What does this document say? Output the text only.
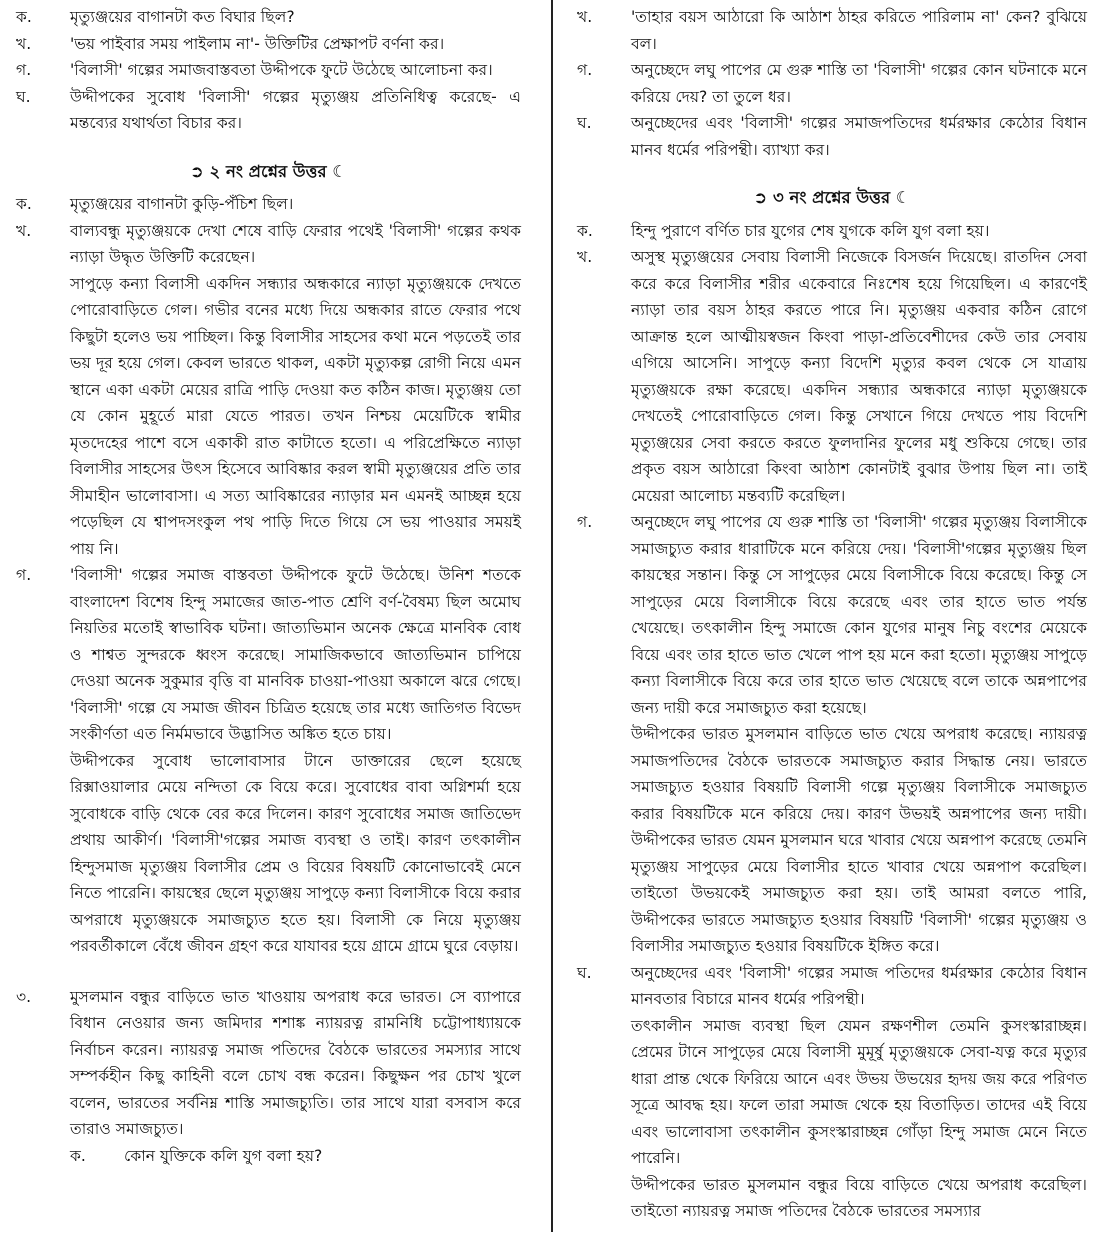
ক.	মৃত্যুঞ্জয়ের বাগানটা কত বিঘার ছিল?
খ.	'ভয় পাইবার সময় পাইলাম না'- উক্তিটির প্রেক্ষাপট বর্ণনা কর।
গ.	'বিলাসী' গল্পের সমাজবাস্তবতা উদ্দীপকে ফুটে উঠেছে আলোচনা কর।
ঘ.	উদ্দীপকের সুবোধ 'বিলাসী' গল্পের মৃত্যুঞ্জয় প্রতিনিধিত্ব করেছে- এ মন্তব্যের যথার্থতা বিচার কর।
➲ ২ নং প্রশ্নের উত্তর ☾
ক.	মৃত্যুঞ্জয়ের বাগানটা কুড়ি-পঁচিশ ছিল।
খ.	বাল্যবন্ধু মৃত্যুঞ্জয়কে দেখা শেষে বাড়ি ফেরার পথেই 'বিলাসী' গল্পের কথক ন্যাড়া উদ্ধৃত উক্তিটি করেছেন।
সাপুড়ে কন্যা বিলাসী একদিন সন্ধ্যার অন্ধকারে ন্যাড়া মৃত্যুঞ্জয়কে দেখতে পোরোবাড়িতে গেল। গভীর বনের মধ্যে দিয়ে অন্ধকার রাতে ফেরার পথে কিছুটা হলেও ভয় পাচ্ছিল। কিন্তু বিলাসীর সাহসের কথা মনে পড়তেই তার ভয় দূর হয়ে গেল। কেবল ভারতে থাকল, একটা মৃত্যুকল্প রোগী নিয়ে এমন স্থানে একা একটা মেয়ের রাত্রি পাড়ি দেওয়া কত কঠিন কাজ। মৃত্যুঞ্জয় তো যে কোন মুহূর্তে মারা যেতে পারত। তখন নিশ্চয় মেয়েটিকে স্বামীর মৃতদেহের পাশে বসে একাকী রাত কাটাতে হতো। এ পরিপ্রেক্ষিতে ন্যাড়া বিলাসীর সাহসের উৎস হিসেবে আবিষ্কার করল স্বামী মৃত্যুঞ্জয়ের প্রতি তার সীমাহীন ভালোবাসা। এ সত্য আবিষ্কারের ন্যাড়ার মন এমনই আচ্ছন্ন হয়ে পড়েছিল যে শ্বাপদসংকুল পথ পাড়ি দিতে গিয়ে সে ভয় পাওয়ার সময়ই পায় নি।
গ.	'বিলাসী' গল্পের সমাজ বাস্তবতা উদ্দীপকে ফুটে উঠেছে। উনিশ শতকে বাংলাদেশ বিশেষ হিন্দু সমাজের জাত-পাত শ্রেণি বর্ণ-বৈষম্য ছিল অমোঘ নিয়তির মতোই স্বাভাবিক ঘটনা। জাত্যভিমান অনেক ক্ষেত্রে মানবিক বোধ ও শাশ্বত সুন্দরকে ধ্বংস করেছে। সামাজিকভাবে জাত্যভিমান চাপিয়ে দেওয়া অনেক সুকুমার বৃত্তি বা মানবিক চাওয়া-পাওয়া অকালে ঝরে গেছে। 'বিলাসী' গল্পে যে সমাজ জীবন চিত্রিত হয়েছে তার মধ্যে জাতিগত বিভেদ সংকীর্ণতা এত নির্মমভাবে উদ্ভাসিত অঙ্কিত হতে চায়।
উদ্দীপকের সুবোধ ভালোবাসার টানে ডাক্তারের ছেলে হয়েছে রিক্সাওয়ালার মেয়ে নন্দিতা কে বিয়ে করে। সুবোধের বাবা অগ্নিশর্মা হয়ে সুবোধকে বাড়ি থেকে বের করে দিলেন। কারণ সুবোধের সমাজ জাতিভেদ প্রথায় আকীর্ণ। 'বিলাসী'গল্পের সমাজ ব্যবস্থা ও তাই। কারণ তৎকালীন হিন্দুসমাজ মৃত্যুঞ্জয় বিলাসীর প্রেম ও বিয়ের বিষয়টি কোনোভাবেই মেনে নিতে পারেনি। কায়স্থের ছেলে মৃত্যুঞ্জয় সাপুড়ে কন্যা বিলাসীকে বিয়ে করার অপরাধে মৃত্যুঞ্জয়কে সমাজচ্যুত হতে হয়। বিলাসী কে নিয়ে মৃত্যুঞ্জয় পরবর্তীকালে বেঁধে জীবন গ্রহণ করে যাযাবর হয়ে গ্রামে গ্রামে ঘুরে বেড়ায়।
৩.	মুসলমান বন্ধুর বাড়িতে ভাত খাওয়ায় অপরাধ করে ভারত। সে ব্যাপারে বিধান নেওয়ার জন্য জমিদার শশাঙ্ক ন্যায়রত্ন রামনিধি চট্টোপাধ্যায়কে নির্বাচন করেন। ন্যায়রত্ন সমাজ পতিদের বৈঠকে ভারতের সমস্যার সাথে সম্পর্কহীন কিছু কাহিনী বলে চোখ বন্ধ করেন। কিছুক্ষন পর চোখ খুলে বলেন, ভারতের সর্বনিম্ন শাস্তি সমাজচ্যুতি। তার সাথে যারা বসবাস করে তারাও সমাজচ্যুত।
ক.	কোন যুক্তিকে কলি যুগ বলা হয়?
খ.	'তাহার বয়স আঠারো কি আঠাশ ঠাহর করিতে পারিলাম না' কেন? বুঝিয়ে বল।
গ.	অনুচ্ছেদে লঘু পাপের মে গুরু শাস্তি তা 'বিলাসী' গল্পের কোন ঘটনাকে মনে করিয়ে দেয়? তা তুলে ধর।
ঘ.	অনুচ্ছেদের এবং 'বিলাসী' গল্পের সমাজপতিদের ধর্মরক্ষার কেঠোর বিধান মানব ধর্মের পরিপন্থী। ব্যাখ্যা কর।
➲ ৩ নং প্রশ্নের উত্তর ☾
ক.	হিন্দু পুরাণে বর্ণিত চার যুগের শেষ যুগকে কলি যুগ বলা হয়।
খ.	অসুস্থ মৃত্যুঞ্জয়ের সেবায় বিলাসী নিজেকে বিসর্জন দিয়েছে। রাতদিন সেবা করে করে বিলাসীর শরীর একেবারে নিঃশেষ হয়ে গিয়েছিল। এ কারণেই ন্যাড়া তার বয়স ঠাহর করতে পারে নি। মৃত্যুঞ্জয় একবার কঠিন রোগে আক্রান্ত হলে আত্মীয়স্বজন কিংবা পাড়া-প্রতিবেশীদের কেউ তার সেবায় এগিয়ে আসেনি। সাপুড়ে কন্যা বিদেশি মৃত্যুর কবল থেকে সে যাত্রায় মৃত্যুঞ্জয়কে রক্ষা করেছে। একদিন সন্ধ্যার অন্ধকারে ন্যাড়া মৃত্যুঞ্জয়কে দেখতেই পোরোবাড়িতে গেল। কিন্তু সেখানে গিয়ে দেখতে পায় বিদেশি মৃত্যুঞ্জয়ের সেবা করতে করতে ফুলদানির ফুলের মধু শুকিয়ে গেছে। তার প্রকৃত বয়স আঠারো কিংবা আঠাশ কোনটাই বুঝার উপায় ছিল না। তাই মেয়েরা আলোচ্য মন্তব্যটি করেছিল।
গ.	অনুচ্ছেদে লঘু পাপের যে গুরু শাস্তি তা 'বিলাসী' গল্পের মৃত্যুঞ্জয় বিলাসীকে সমাজচ্যুত করার ধারাটিকে মনে করিয়ে দেয়। 'বিলাসী'গল্পের মৃত্যুঞ্জয় ছিল কায়স্থের সন্তান। কিন্তু সে সাপুড়ের মেয়ে বিলাসীকে বিয়ে করেছে। কিন্তু সে সাপুড়ের মেয়ে বিলাসীকে বিয়ে করেছে এবং তার হাতে ভাত পর্যন্ত খেয়েছে। তৎকালীন হিন্দু সমাজে কোন যুগের মানুষ নিচু বংশের মেয়েকে বিয়ে এবং তার হাতে ভাত খেলে পাপ হয় মনে করা হতো। মৃত্যুঞ্জয় সাপুড়ে কন্যা বিলাসীকে বিয়ে করে তার হাতে ভাত খেয়েছে বলে তাকে অন্নপাপের জন্য দায়ী করে সমাজচ্যুত করা হয়েছে।
উদ্দীপকের ভারত মুসলমান বাড়িতে ভাত খেয়ে অপরাধ করেছে। ন্যায়রত্ন সমাজপতিদের বৈঠকে ভারতকে সমাজচ্যুত করার সিদ্ধান্ত নেয়। ভারতে সমাজচ্যুত হওয়ার বিষয়টি বিলাসী গল্পে মৃত্যুঞ্জয় বিলাসীকে সমাজচ্যুত করার বিষয়টিকে মনে করিয়ে দেয়। কারণ উভয়ই অন্নপাপের জন্য দায়ী। উদ্দীপকের ভারত যেমন মুসলমান ঘরে খাবার খেয়ে অন্নপাপ করেছে তেমনি মৃত্যুঞ্জয় সাপুড়ের মেয়ে বিলাসীর হাতে খাবার খেয়ে অন্নপাপ করেছিল। তাইতো উভয়কেই সমাজচ্যুত করা হয়। তাই আমরা বলতে পারি, উদ্দীপকের ভারতে সমাজচ্যুত হওয়ার বিষয়টি 'বিলাসী' গল্পের মৃত্যুঞ্জয় ও বিলাসীর সমাজচ্যুত হওয়ার বিষয়টিকে ইঙ্গিত করে।
ঘ.	অনুচ্ছেদের এবং 'বিলাসী' গল্পের সমাজ পতিদের ধর্মরক্ষার কেঠোর বিধান মানবতার বিচারে মানব ধর্মের পরিপন্থী।
তৎকালীন সমাজ ব্যবস্থা ছিল যেমন রক্ষণশীল তেমনি কুসংস্কারাচ্ছন্ন। প্রেমের টানে সাপুড়ের মেয়ে বিলাসী মুমূর্ষু মৃত্যুঞ্জয়কে সেবা-যত্ন করে মৃত্যুর ধারা প্রান্ত থেকে ফিরিয়ে আনে এবং উভয় উভয়ের হৃদয় জয় করে পরিণত সূত্রে আবদ্ধ হয়। ফলে তারা সমাজ থেকে হয় বিতাড়িত। তাদের এই বিয়ে এবং ভালোবাসা তৎকালীন কুসংস্কারাচ্ছন্ন গোঁড়া হিন্দু সমাজ মেনে নিতে পারেনি।
উদ্দীপকের ভারত মুসলমান বন্ধুর বিয়ে বাড়িতে খেয়ে অপরাধ করেছিল। তাইতো ন্যায়রত্ন সমাজ পতিদের বৈঠকে ভারতের সমস্যার
